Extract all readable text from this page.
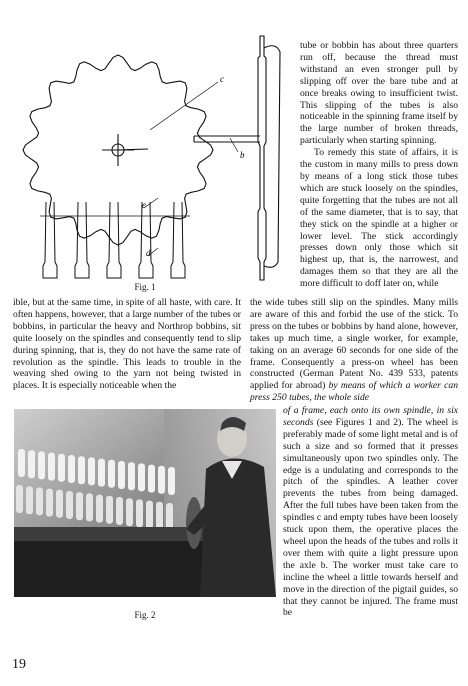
c
b
e
d
Fig. 1

tube or bobbin has about three quarters run off, because the thread must withstand an even stronger pull by slipping off over the bare tube and at once breaks owing to insufficient twist. This slipping of the tubes is also noticeable in the spinning frame itself by the large number of broken threads, particularly when starting spinning.

To remedy this state of affairs, it is the custom in many mills to press down by means of a long stick those tubes which are stuck loosely on the spindles, quite forgetting that the tubes are not all of the same diameter, that is to say, that they stick on the spindle at a higher or lower level. The stick accordingly presses down only those which sit highest up, that is, the narrowest, and damages them so that they are all the more difficult to doff later on, while

ible, but at the same time, in spite of all haste, with care. It often happens, however, that a large number of the tubes or bobbins, in particular the heavy and Northrop bobbins, sit quite loosely on the spindles and consequently tend to slip during spinning, that is, they do not have the same rate of revolution as the spindle. This leads to trouble in the weaving shed owing to the yarn not being twisted in places. It is especially noticeable when the

the wide tubes still slip on the spindles. Many mills are aware of this and forbid the use of the stick. To press on the tubes or bobbins by hand alone, however, takes up much time, a single worker, for example, taking on an average 60 seconds for one side of the frame. Consequently a press-on wheel has been constructed (German Patent No. 439 533, patents applied for abroad) by means of which a worker can press 250 tubes, the whole side
of a frame, each onto its own spindle, in six seconds (see Figures 1 and 2). The wheel is preferably made of some light metal and is of such a size and so formed that it presses simultaneously upon two spindles only. The edge is a undulating and corresponds to the pitch of the spindles. A leather cover prevents the tubes from being damaged. After the full tubes have been taken from the spindles c and empty tubes have been loosely stuck upon them, the operative places the wheel upon the heads of the tubes and rolls it over them with quite a light pressure upon the axle b. The worker must take care to incline the wheel a little towards herself and move in the direction of the pigtail guides, so that they cannot be injured. The frame must be
Fig. 2
19
